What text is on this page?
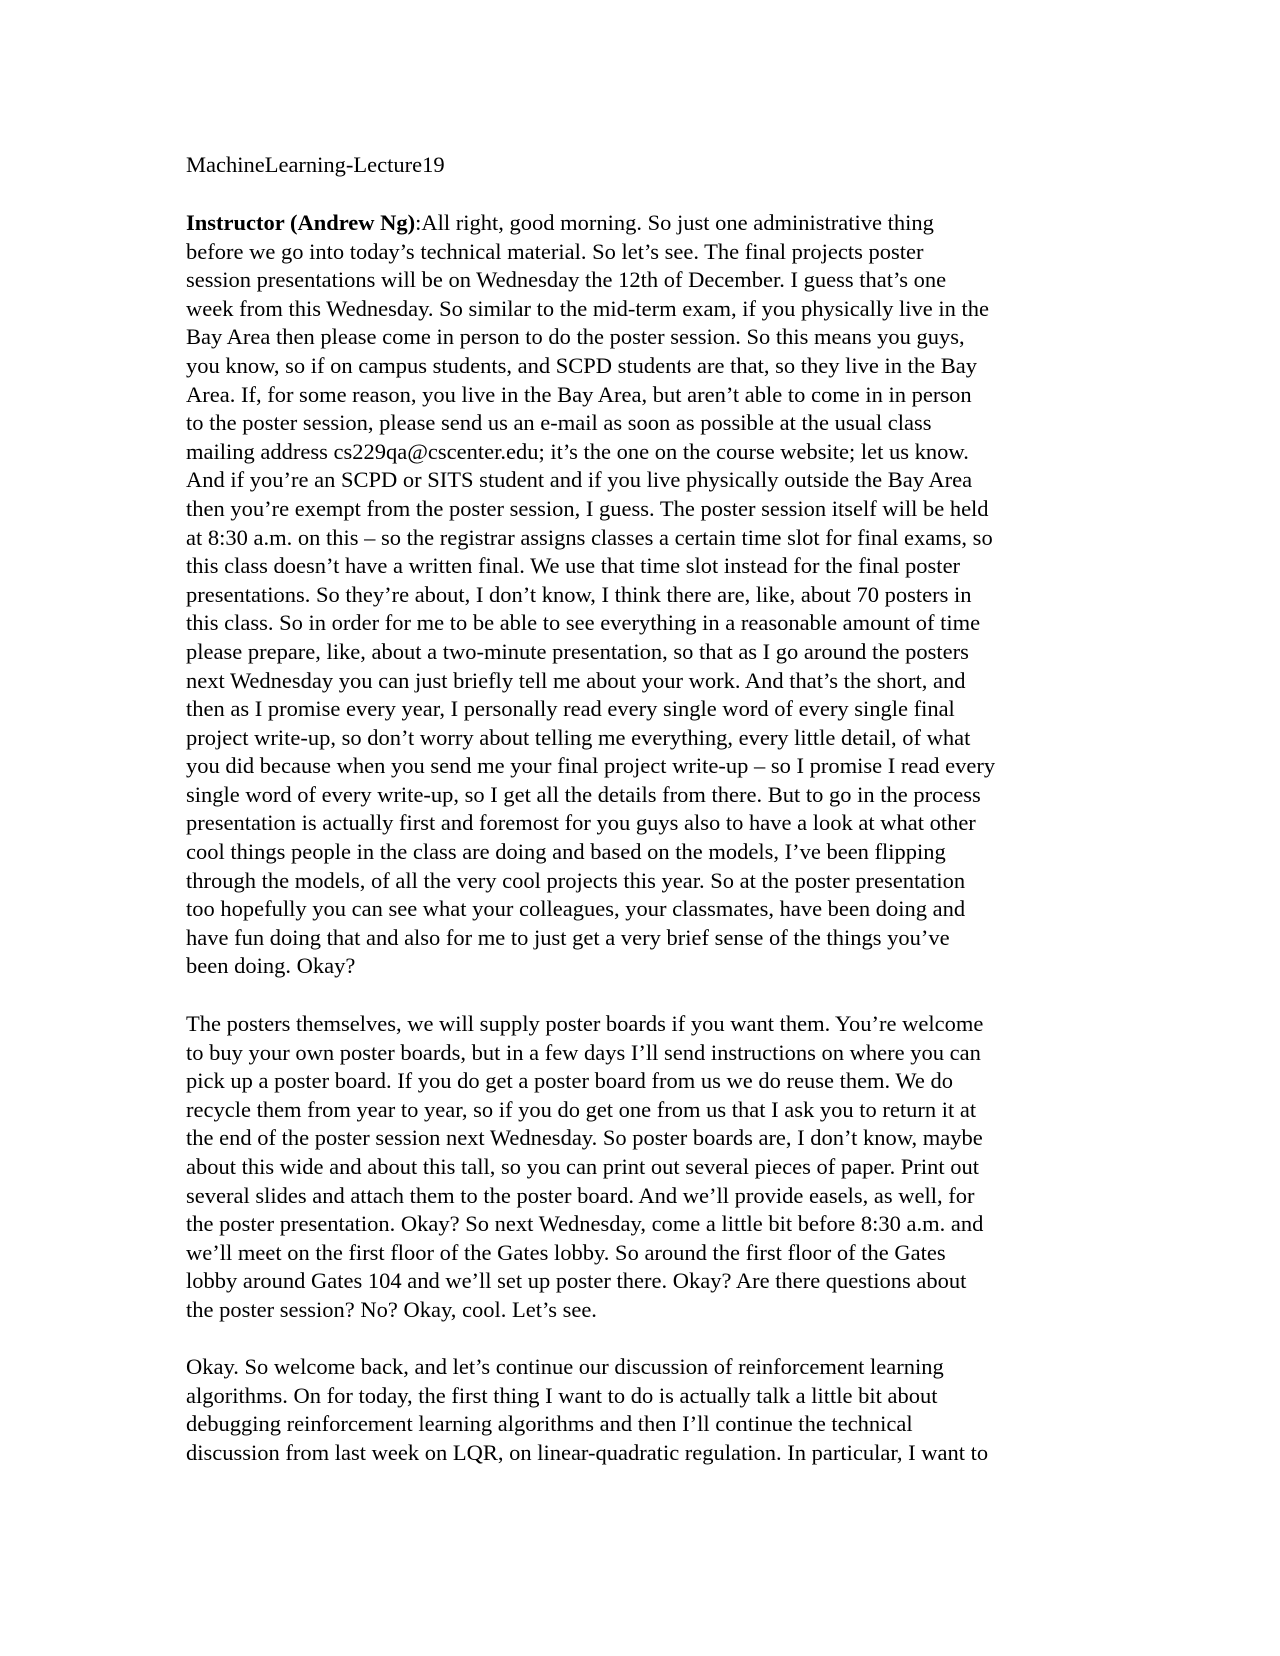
MachineLearning-Lecture19

Instructor (Andrew Ng):All right, good morning. So just one administrative thing
before we go into today’s technical material. So let’s see. The final projects poster
session presentations will be on Wednesday the 12th of December. I guess that’s one
week from this Wednesday. So similar to the mid-term exam, if you physically live in the
Bay Area then please come in person to do the poster session. So this means you guys,
you know, so if on campus students, and SCPD students are that, so they live in the Bay
Area. If, for some reason, you live in the Bay Area, but aren’t able to come in in person
to the poster session, please send us an e-mail as soon as possible at the usual class
mailing address cs229qa@cscenter.edu; it’s the one on the course website; let us know.
And if you’re an SCPD or SITS student and if you live physically outside the Bay Area
then you’re exempt from the poster session, I guess. The poster session itself will be held
at 8:30 a.m. on this – so the registrar assigns classes a certain time slot for final exams, so
this class doesn’t have a written final. We use that time slot instead for the final poster
presentations. So they’re about, I don’t know, I think there are, like, about 70 posters in
this class. So in order for me to be able to see everything in a reasonable amount of time
please prepare, like, about a two-minute presentation, so that as I go around the posters
next Wednesday you can just briefly tell me about your work. And that’s the short, and
then as I promise every year, I personally read every single word of every single final
project write-up, so don’t worry about telling me everything, every little detail, of what
you did because when you send me your final project write-up – so I promise I read every
single word of every write-up, so I get all the details from there. But to go in the process
presentation is actually first and foremost for you guys also to have a look at what other
cool things people in the class are doing and based on the models, I’ve been flipping
through the models, of all the very cool projects this year. So at the poster presentation
too hopefully you can see what your colleagues, your classmates, have been doing and
have fun doing that and also for me to just get a very brief sense of the things you’ve
been doing. Okay?
The posters themselves, we will supply poster boards if you want them. You’re welcome
to buy your own poster boards, but in a few days I’ll send instructions on where you can
pick up a poster board. If you do get a poster board from us we do reuse them. We do
recycle them from year to year, so if you do get one from us that I ask you to return it at
the end of the poster session next Wednesday. So poster boards are, I don’t know, maybe
about this wide and about this tall, so you can print out several pieces of paper. Print out
several slides and attach them to the poster board. And we’ll provide easels, as well, for
the poster presentation. Okay? So next Wednesday, come a little bit before 8:30 a.m. and
we’ll meet on the first floor of the Gates lobby. So around the first floor of the Gates
lobby around Gates 104 and we’ll set up poster there. Okay? Are there questions about
the poster session? No? Okay, cool. Let’s see.
Okay. So welcome back, and let’s continue our discussion of reinforcement learning
algorithms. On for today, the first thing I want to do is actually talk a little bit about
debugging reinforcement learning algorithms and then I’ll continue the technical
discussion from last week on LQR, on linear-quadratic regulation. In particular, I want to
